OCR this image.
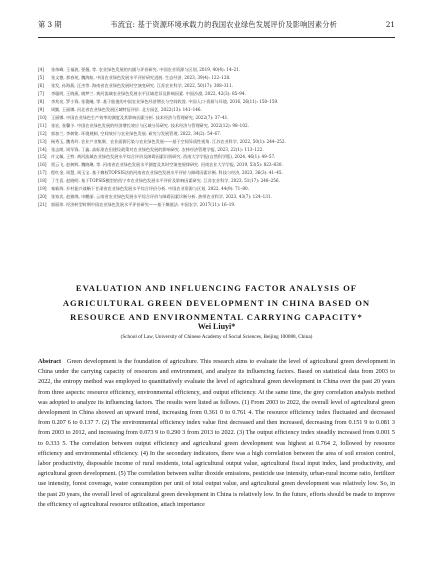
第 3 期	韦流宜: 基于资源环境承载力的我国农业绿色发展评价及影响因素分析	21
[4]	张伟峰, 王福波, 要薇, 等. 农业绿色发展的内涵与评价研究. 中国农业资源与区划, 2019, 40(4): 14–21.
[5]	张文德, 那春苑, 魏海航. 中国农业绿色发展水平评价研究进展. 生态经济, 2023, 39(4): 122–128.
[6]	张发, 孙海燕, 汪杰等. 海南省农业绿色发展时空演变研究. 江苏农业科学, 2022, 50(17): 308–311.
[7]	李聪明, 王晓燕, 姚梦兰. 黄河流域农业绿色发展水平区域差异及影响因素. 中国沙漠, 2022, 42(3): 85–94.
[8]	李兆亮, 罗小锋, 张俊飚, 等. 基于能值的中国农业绿色经济增长与空间收敛. 中国人口·资源与环境, 2016, 26(11): 150–159.
[9]	周勤, 王丽娜. 河北省农业绿色发展区域特征评价. 北方园艺, 2022(13): 141–146.
[10]	王丽娜. 中国农业绿色生产效率的测度及其影响因素分析. 技术经济与管理研究, 2022(7): 37–41.
[11]	张宏, 张馨予. 中国农业绿色发展的经济增长效应与区域分异研究. 技术经济与管理研究, 2022(12): 98–102.
[12]	郭加兰, 李树铭. 环境规制, 空间效应与农业绿色发展. 研究与发展管理, 2022, 34(2): 54–67.
[13]	杨秀玉, 魏秀玲. 农业产业集聚、农业面源污染与农业绿色发展——基于空间异质性视角. 江苏农业科学, 2022, 50(1): 244–252.
[14]	张志朗, 周军锋, 丁鑫. 高标准农田建设政策对农业绿色发展的影响研究. 农林经济管理学报, 2023, 22(1): 113–122.
[15]	许文佩, 王特. 黄河流域农业绿色发展水平综合评价及障碍因素识别研究. 西南大学学报(自然科学版), 2024, 46(1): 49–57.
[16]	贾云飞, 赵树辉, 魏晓琳, 等. 河南省农业绿色发展水平测度及其时空演变规律研究. 河南农业大学学报, 2019, 53(5): 823–830.
[17]	程红金, 周慧, 周玉宝. 基于熵权TOPSIS法的河南省农业绿色发展水平评价与障碍因素诊断. 科技与经济, 2023, 36(3): 41–45.
[18]	丁生喜, 赵晓明. 基于TOPSIS模型的西宁市农业绿色发展水平评价及影响因素研究. 江苏农业科学, 2023, 51(17): 248–256.
[19]	秦新海. 乡村振兴战略下甘肃省农业绿色发展水平综合评价分析. 中国农业资源与区划, 2022, 44(9): 71–80.
[20]	张家宾, 赵雅绵, 申鹏丽. 云南省农业绿色发展水平综合评价与障碍因素诊断分析. 热带农业科学, 2023, 43(7): 124–131.
[21]	郭丽琼. 经济转型时期中国农业绿色发展水平评价研究——基于熵值法. 中国农学, 2017(11): 16–19.
EVALUATION AND INFLUENCING FACTOR ANALYSIS OF AGRICULTURAL GREEN DEVELOPMENT IN CHINA BASED ON RESOURCE AND ENVIRONMENTAL CARRYING CAPACITY*
Wei Liuyi*
(School of Law, University of Chinese Academy of Social Sciences, Beijing 100088, China)
Abstract Green development is the foundation of agriculture. This research aims to evaluate the level of agricultural green development in China under the carrying capacity of resources and environment, and analyze its influencing factors. Based on statistical data from 2003 to 2022, the entropy method was employed to quantitatively evaluate the level of agricultural green development in China over the past 20 years from three aspects: resource efficiency, environmental efficiency, and output efficiency. At the same time, the grey correlation analysis method was adopted to analyze its influencing factors. The results were listed as follows. (1) From 2003 to 2022, the overall level of agricultural green development in China showed an upward trend, increasing from 0.361 0 to 0.761 4. The resource efficiency index fluctuated and decreased from 0.207 6 to 0.137 7. (2) The environmental efficiency index value first decreased and then increased, decreasing from 0.151 9 to 0.081 3 from 2003 to 2012, and increasing from 0.073 9 to 0.290 3 from 2013 to 2022. (3) The output efficiency index steadily increased from 0.001 5 to 0.333 5. The correlation between output efficiency and agricultural green development was highest at 0.764 2, followed by resource efficiency and environmental efficiency. (4) In the secondary indicators, there was a high correlation between the area of soil erosion control, labor productivity, disposable income of rural residents, total agricultural output value, agricultural fiscal input index, land productivity, and agricultural green development. (5) The correlation between sulfur dioxide emissions, pesticide use intensity, urban-rural income ratio, fertilizer use intensity, forest coverage, water consumption per unit of total output value, and agricultural green development was relatively low. So, in the past 20 years, the overall level of agricultural green development in China is relatively low. In the future, efforts should be made to improve the efficiency of agricultural resource utilization, attach importance
